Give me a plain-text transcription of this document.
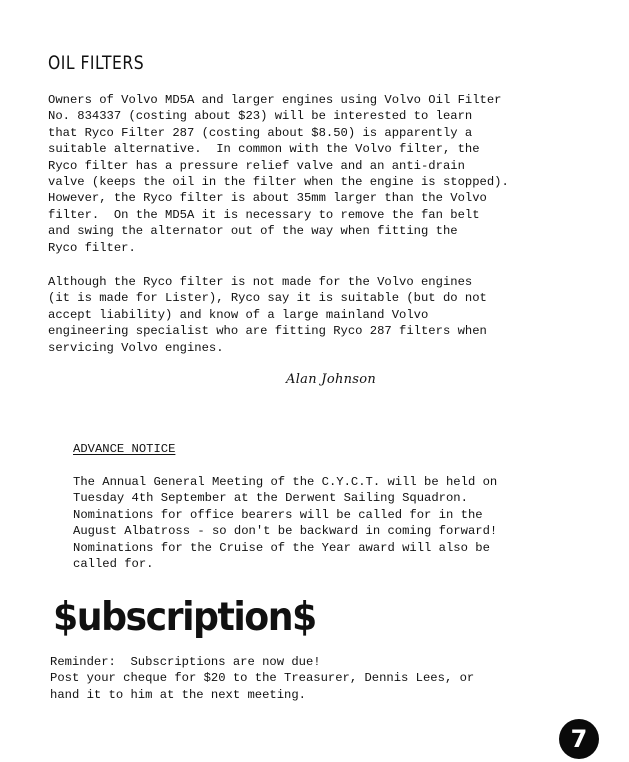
OIL FILTERS

Owners of Volvo MD5A and larger engines using Volvo Oil Filter
No. 834337 (costing about $23) will be interested to learn
that Ryco Filter 287 (costing about $8.50) is apparently a
suitable alternative.  In common with the Volvo filter, the
Ryco filter has a pressure relief valve and an anti-drain
valve (keeps the oil in the filter when the engine is stopped).
However, the Ryco filter is about 35mm larger than the Volvo
filter.  On the MD5A it is necessary to remove the fan belt
and swing the alternator out of the way when fitting the
Ryco filter.

Although the Ryco filter is not made for the Volvo engines
(it is made for Lister), Ryco say it is suitable (but do not
accept liability) and know of a large mainland Volvo
engineering specialist who are fitting Ryco 287 filters when
servicing Volvo engines.

Alan Johnson
ADVANCE NOTICE

The Annual General Meeting of the C.Y.C.T. will be held on
Tuesday 4th September at the Derwent Sailing Squadron.
Nominations for office bearers will be called for in the
August Albatross - so don't be backward in coming forward!
Nominations for the Cruise of the Year award will also be
called for.

$ubscription$

Reminder:  Subscriptions are now due!
Post your cheque for $20 to the Treasurer, Dennis Lees, or
hand it to him at the next meeting.

7
